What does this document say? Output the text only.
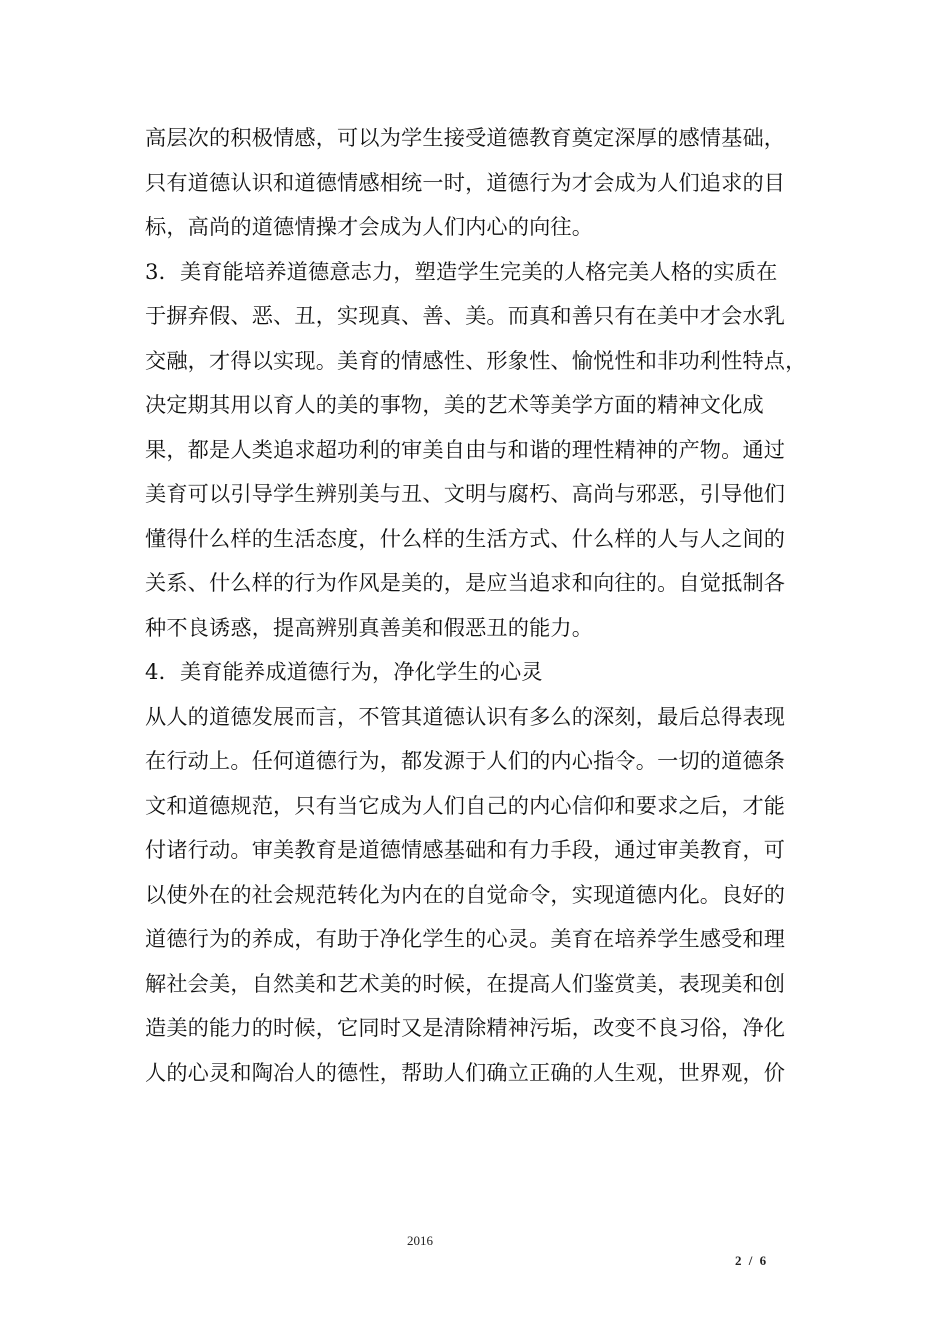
高层次的积极情感，可以为学生接受道德教育奠定深厚的感情基础，
只有道德认识和道德情感相统一时，道德行为才会成为人们追求的目
标，高尚的道德情操才会成为人们内心的向往。
3．美育能培养道德意志力，塑造学生完美的人格完美人格的实质在
于摒弃假、恶、丑，实现真、善、美。而真和善只有在美中才会水乳
交融，才得以实现。美育的情感性、形象性、愉悦性和非功利性特点，
决定期其用以育人的美的事物，美的艺术等美学方面的精神文化成
果，都是人类追求超功利的审美自由与和谐的理性精神的产物。通过
美育可以引导学生辨别美与丑、文明与腐朽、高尚与邪恶，引导他们
懂得什么样的生活态度，什么样的生活方式、什么样的人与人之间的
关系、什么样的行为作风是美的，是应当追求和向往的。自觉抵制各
种不良诱惑，提高辨别真善美和假恶丑的能力。
4．美育能养成道德行为，净化学生的心灵
从人的道德发展而言，不管其道德认识有多么的深刻，最后总得表现
在行动上。任何道德行为，都发源于人们的内心指令。一切的道德条
文和道德规范，只有当它成为人们自己的内心信仰和要求之后，才能
付诸行动。审美教育是道德情感基础和有力手段，通过审美教育，可
以使外在的社会规范转化为内在的自觉命令，实现道德内化。良好的
道德行为的养成，有助于净化学生的心灵。美育在培养学生感受和理
解社会美，自然美和艺术美的时候，在提高人们鉴赏美，表现美和创
造美的能力的时候，它同时又是清除精神污垢，改变不良习俗，净化
人的心灵和陶冶人的德性，帮助人们确立正确的人生观，世界观，价
2016
2 / 6
